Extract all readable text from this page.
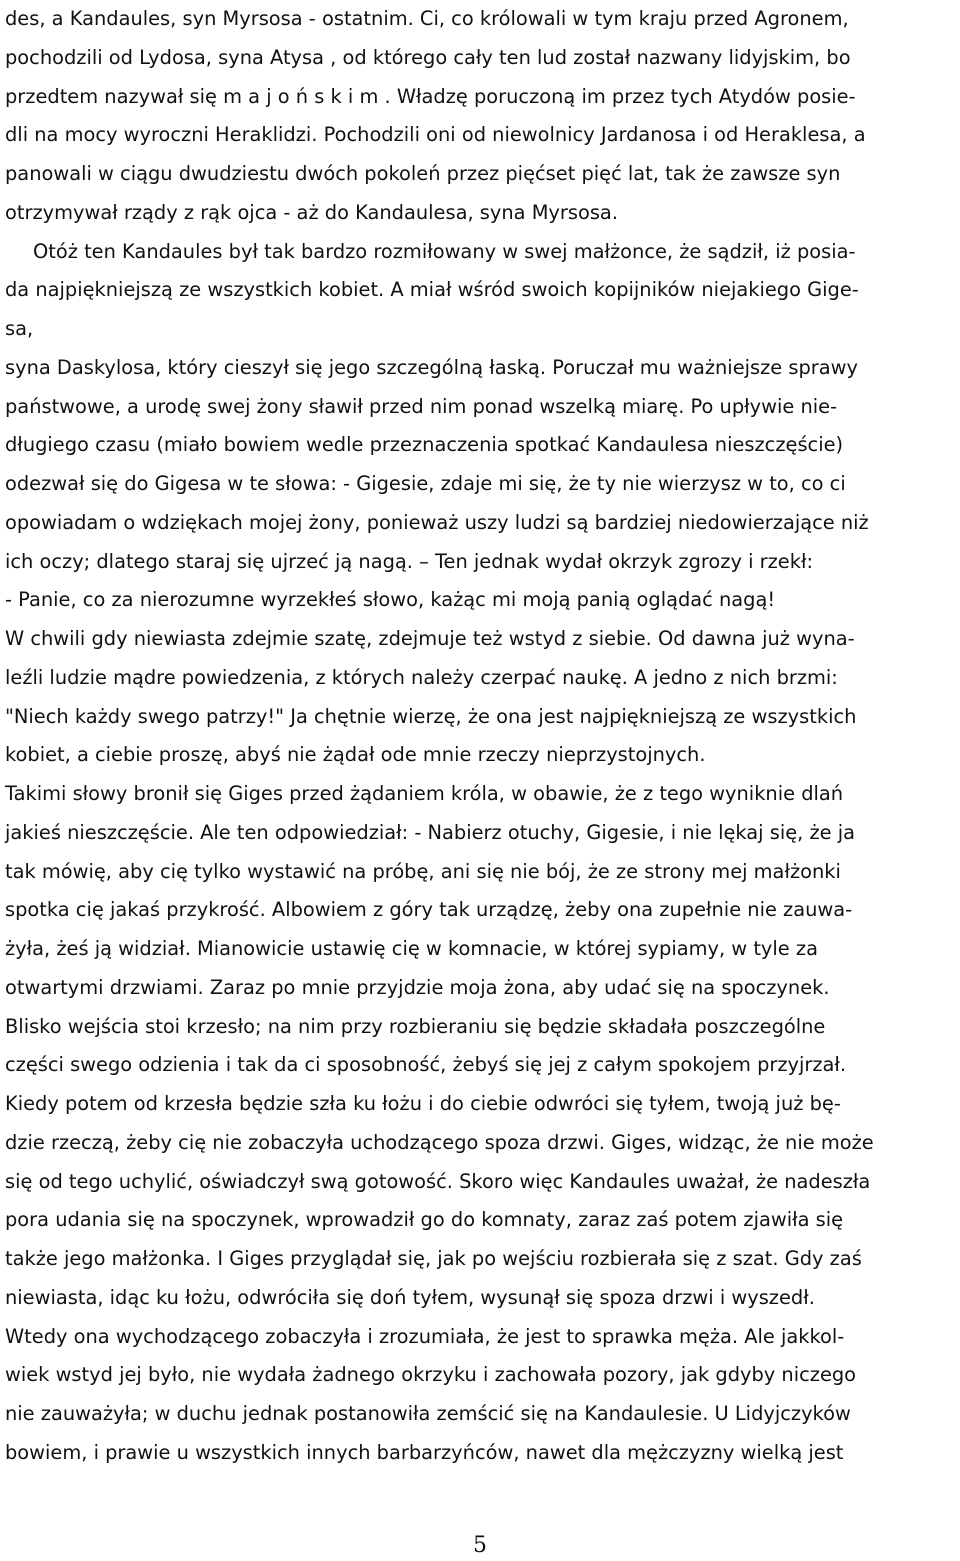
des, a Kandaules, syn Myrsosa - ostatnim. Ci, co królowali w tym kraju przed Agronem,
pochodzili od Lydosa, syna Atysa , od którego cały ten lud został nazwany lidyjskim, bo
przedtem nazywał się m a j o ń s k i m . Władzę poruczoną im przez tych Atydów posie-
dli na mocy wyroczni Heraklidzi. Pochodzili oni od niewolnicy Jardanosa i od Heraklesa, a
panowali w ciągu dwudziestu dwóch pokoleń przez pięćset pięć lat, tak że zawsze syn
otrzymywał rządy z rąk ojca - aż do Kandaulesa, syna Myrsosa.
Otóż ten Kandaules był tak bardzo rozmiłowany w swej małżonce, że sądził, iż posia-
da najpiękniejszą ze wszystkich kobiet. A miał wśród swoich kopijników niejakiego Gige-
sa,
syna Daskylosa, który cieszył się jego szczególną łaską. Poruczał mu ważniejsze sprawy
państwowe, a urodę swej żony sławił przed nim ponad wszelką miarę. Po upływie nie-
długiego czasu (miało bowiem wedle przeznaczenia spotkać Kandaulesa nieszczęście)
odezwał się do Gigesa w te słowa: - Gigesie, zdaje mi się, że ty nie wierzysz w to, co ci
opowiadam o wdziękach mojej żony, ponieważ uszy ludzi są bardziej niedowierzające niż
ich oczy; dlatego staraj się ujrzeć ją nagą. – Ten jednak wydał okrzyk zgrozy i rzekł:
- Panie, co za nierozumne wyrzekłeś słowo, każąc mi moją panią oglądać nagą!
W chwili gdy niewiasta zdejmie szatę, zdejmuje też wstyd z siebie. Od dawna już wyna-
leźli ludzie mądre powiedzenia, z których należy czerpać naukę. A jedno z nich brzmi:
"Niech każdy swego patrzy!" Ja chętnie wierzę, że ona jest najpiękniejszą ze wszystkich
kobiet, a ciebie proszę, abyś nie żądał ode mnie rzeczy nieprzystojnych.
Takimi słowy bronił się Giges przed żądaniem króla, w obawie, że z tego wyniknie dlań
jakieś nieszczęście. Ale ten odpowiedział: - Nabierz otuchy, Gigesie, i nie lękaj się, że ja
tak mówię, aby cię tylko wystawić na próbę, ani się nie bój, że ze strony mej małżonki
spotka cię jakaś przykrość. Albowiem z góry tak urządzę, żeby ona zupełnie nie zauwa-
żyła, żeś ją widział. Mianowicie ustawię cię w komnacie, w której sypiamy, w tyle za
otwartymi drzwiami. Zaraz po mnie przyjdzie moja żona, aby udać się na spoczynek.
Blisko wejścia stoi krzesło; na nim przy rozbieraniu się będzie składała poszczególne
części swego odzienia i tak da ci sposobność, żebyś się jej z całym spokojem przyjrzał.
Kiedy potem od krzesła będzie szła ku łożu i do ciebie odwróci się tyłem, twoją już bę-
dzie rzeczą, żeby cię nie zobaczyła uchodzącego spoza drzwi. Giges, widząc, że nie może
się od tego uchylić, oświadczył swą gotowość. Skoro więc Kandaules uważał, że nadeszła
pora udania się na spoczynek, wprowadził go do komnaty, zaraz zaś potem zjawiła się
także jego małżonka. I Giges przyglądał się, jak po wejściu rozbierała się z szat. Gdy zaś
niewiasta, idąc ku łożu, odwróciła się doń tyłem, wysunął się spoza drzwi i wyszedł.
Wtedy ona wychodzącego zobaczyła i zrozumiała, że jest to sprawka męża. Ale jakkol-
wiek wstyd jej było, nie wydała żadnego okrzyku i zachowała pozory, jak gdyby niczego
nie zauważyła; w duchu jednak postanowiła zemścić się na Kandaulesie. U Lidyjczyków
bowiem, i prawie u wszystkich innych barbarzyńców, nawet dla mężczyzny wielką jest
5
